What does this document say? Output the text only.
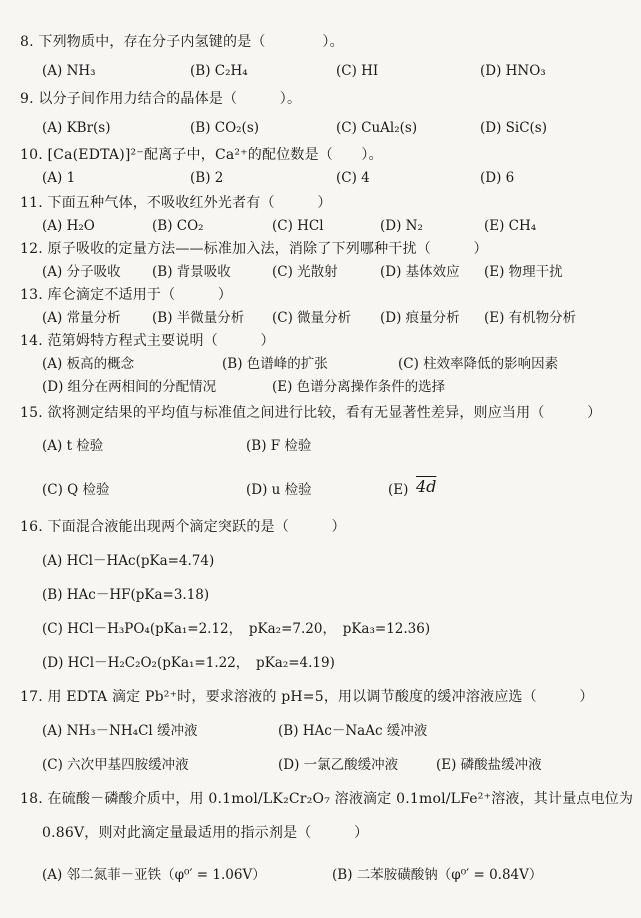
8. 下列物质中，存在分子内氢键的是（　　　　）。
(A) NH₃	(B) C₂H₄	(C) HI	(D) HNO₃
9. 以分子间作用力结合的晶体是（　　　）。
(A) KBr(s)	(B) CO₂(s)	(C) CuAl₂(s)	(D) SiC(s)
10. [Ca(EDTA)]²⁻配离子中，Ca²⁺的配位数是（　　）。
(A) 1	(B) 2	(C) 4	(D) 6
11. 下面五种气体，不吸收红外光者有（　　　）
(A) H₂O	(B) CO₂	(C) HCl	(D) N₂	(E) CH₄
12. 原子吸收的定量方法——标准加入法，消除了下列哪种干扰（　　　）
(A) 分子吸收 (B) 背景吸收	(C) 光散射	(D) 基体效应 (E) 物理干扰
13. 库仑滴定不适用于（　　　）
(A) 常量分析 (B) 半微量分析 (C) 微量分析 (D) 痕量分析 (E) 有机物分析
14. 范第姆特方程式主要说明（　　　）
(A) 板高的概念	(B) 色谱峰的扩张	(C) 柱效率降低的影响因素
(D) 组分在两相间的分配情况	(E) 色谱分离操作条件的选择
15. 欲将测定结果的平均值与标准值之间进行比较，看有无显著性差异，则应当用（　　　）
(A) t 检验	(B) F 检验
(C) Q 检验	(D) u 检验	(E) 4d
16. 下面混合液能出现两个滴定突跃的是（　　　）
(A) HCl－HAc(pKa=4.74)
(B) HAc－HF(pKa=3.18)
(C) HCl－H₃PO₄(pKa₁=2.12，　pKa₂=7.20，　pKa₃=12.36)
(D) HCl－H₂C₂O₂(pKa₁=1.22，　pKa₂=4.19)
17. 用 EDTA 滴定 Pb²⁺时，要求溶液的 pH=5，用以调节酸度的缓冲溶液应选（　　　）
(A) NH₃－NH₄Cl 缓冲液	(B) HAc－NaAc 缓冲液
(C) 六次甲基四胺缓冲液	(D) 一氯乙酸缓冲液	(E) 磷酸盐缓冲液
18. 在硫酸－磷酸介质中，用 0.1mol/LK₂Cr₂O₇ 溶液滴定 0.1mol/LFe²⁺溶液，其计量点电位为
0.86V，则对此滴定量最适用的指示剂是（　　　）
(A) 邻二氮菲－亚铁（φ⁰′ = 1.06V）	(B) 二苯胺磺酸钠（φ⁰′ = 0.84V）
